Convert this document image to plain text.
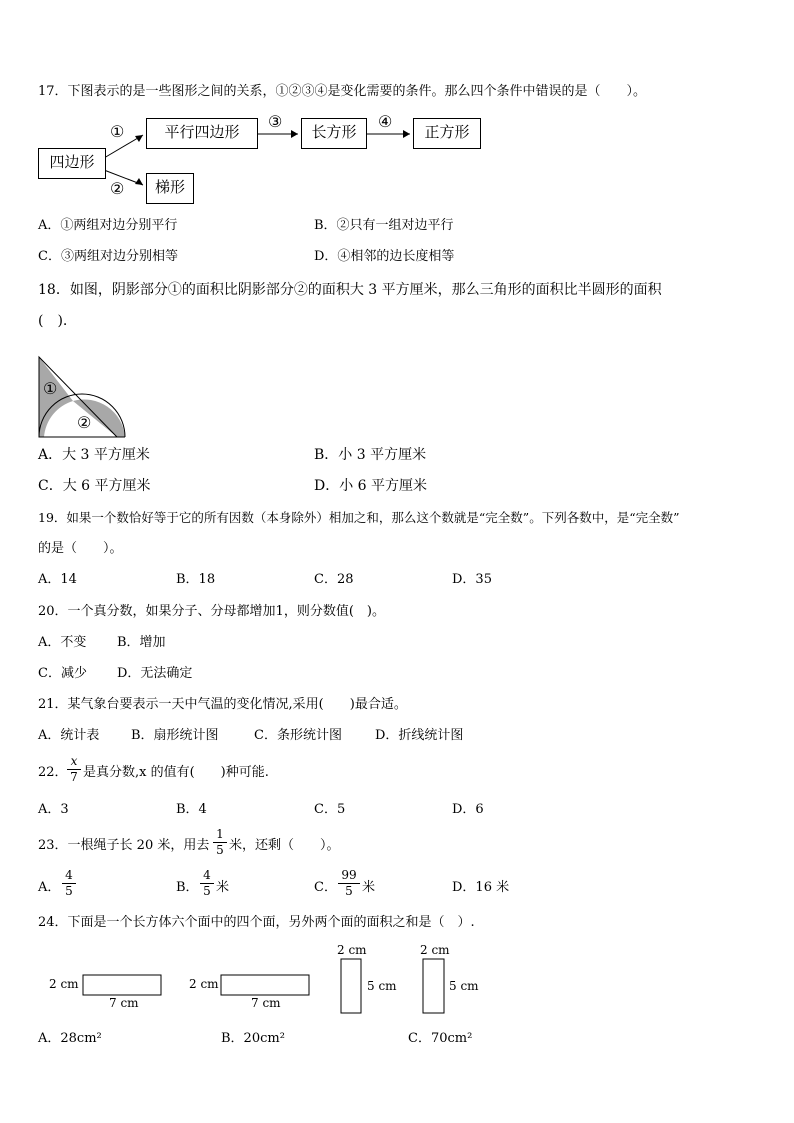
17．下图表示的是一些图形之间的关系，①②③④是变化需要的条件。那么四个条件中错误的是（　　）。
四边形
平行四边形
梯形
长方形	正方形
①
②
③	④
A．①两组对边分别平行	B．②只有一组对边平行
C．③两组对边分别相等	D．④相邻的边长度相等
18．如图，阴影部分①的面积比阴影部分②的面积大 3 平方厘米，那么三角形的面积比半圆形的面积
(　).
①
②
A．大 3 平方厘米	B．小 3 平方厘米
C．大 6 平方厘米	D．小 6 平方厘米
19．如果一个数恰好等于它的所有因数（本身除外）相加之和，那么这个数就是“完全数”。下列各数中，是“完全数”
的是（　　）。
A．14	B．18	C．28	D．35
20．一个真分数，如果分子、分母都增加1，则分数值(　)。
A．不变 B．增加
C．减少 D．无法确定
21．某气象台要表示一天中气温的变化情况,采用(　　)最合适。
A．统计表 B．扇形统计图	C．条形统计图	D．折线统计图
22．
x
7 是真分数,x 的值有(　　)种可能.
A．3	B．4	C．5	D．6
23．一根绳子长 20 米，用去
1
5 米，还剩（　　）。
A．
4
5	B．
4
5 米	C．
99
5 米	D．16 米
24．下面是一个长方体六个面中的四个面，另外两个面的面积之和是（　）.
2 cm
7 cm
2 cm
7 cm
2 cm
5 cm
2 cm
5 cm
A．28cm²	B．20cm²	C．70cm²
